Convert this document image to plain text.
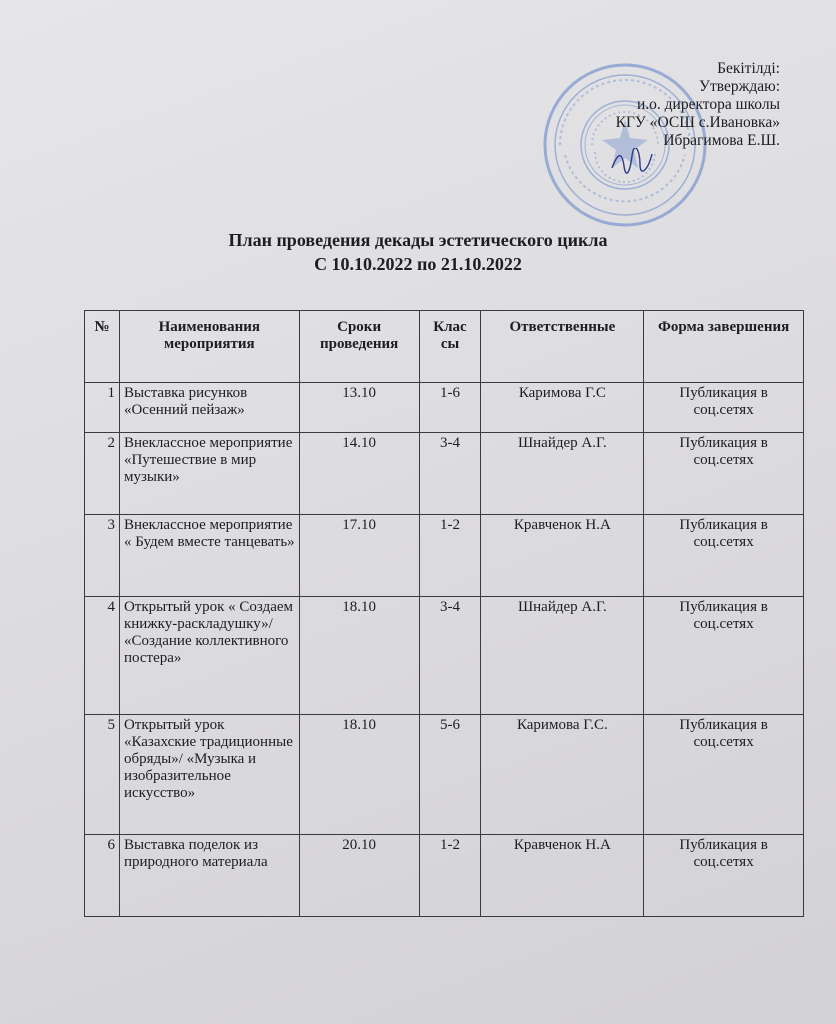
Бекітілді:
Утверждаю:
и.о. директора школы
КГУ «ОСШ с.Ивановка»
Ибрагимова Е.Ш.
План проведения декады эстетического цикла
С 10.10.2022 по 21.10.2022
№	Наименования мероприятия	Сроки проведения	Клас сы	Ответственные	Форма завершения
1	Выставка рисунков «Осенний пейзаж»	13.10	1-6	Каримова Г.С	Публикация в соц.сетях
2	Внеклассное мероприятие «Путешествие в мир музыки»	14.10	3-4	Шнайдер А.Г.	Публикация в соц.сетях
3	Внеклассное мероприятие « Будем вместе танцевать»	17.10	1-2	Кравченок Н.А	Публикация в соц.сетях
4	Открытый урок « Создаем книжку-раскладушку»/ «Создание коллективного постера»	18.10	3-4	Шнайдер А.Г.	Публикация в соц.сетях
5	Открытый урок «Казахские традиционные обряды»/ «Музыка и изобразительное искусство»	18.10	5-6	Каримова Г.С.	Публикация в соц.сетях
6	Выставка поделок из природного материала	20.10	1-2	Кравченок Н.А	Публикация в соц.сетях
